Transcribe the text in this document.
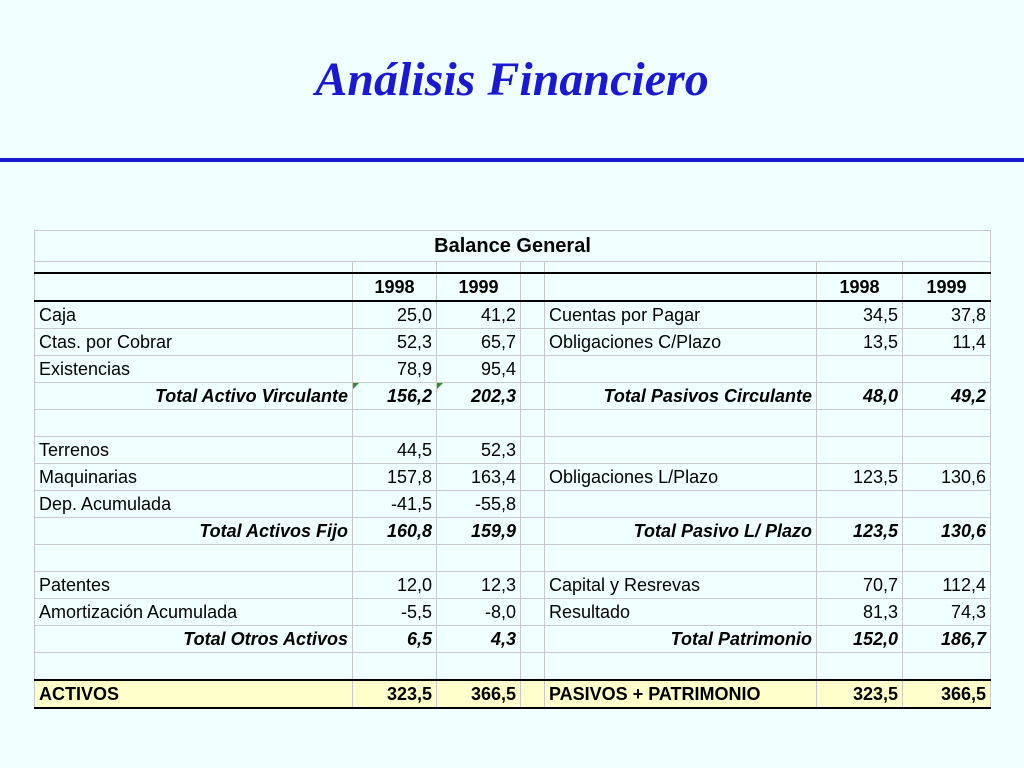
Análisis Financiero
Balance General						

	1998	1999			1998	1999
Caja	25,0	41,2		Cuentas por Pagar	34,5	37,8
Ctas. por Cobrar	52,3	65,7		Obligaciones C/Plazo	13,5	11,4
Existencias	78,9	95,4				
Total Activo Virculante	156,2	202,3		Total Pasivos Circulante	48,0	49,2

Terrenos	44,5	52,3				
Maquinarias	157,8	163,4		Obligaciones L/Plazo	123,5	130,6
Dep. Acumulada	-41,5	-55,8				
Total Activos Fijo	160,8	159,9		Total Pasivo L/ Plazo	123,5	130,6

Patentes	12,0	12,3		Capital y Resrevas	70,7	112,4
Amortización Acumulada	-5,5	-8,0		Resultado	81,3	74,3
Total Otros Activos	6,5	4,3		Total Patrimonio	152,0	186,7

ACTIVOS	323,5	366,5		PASIVOS + PATRIMONIO	323,5	366,5
